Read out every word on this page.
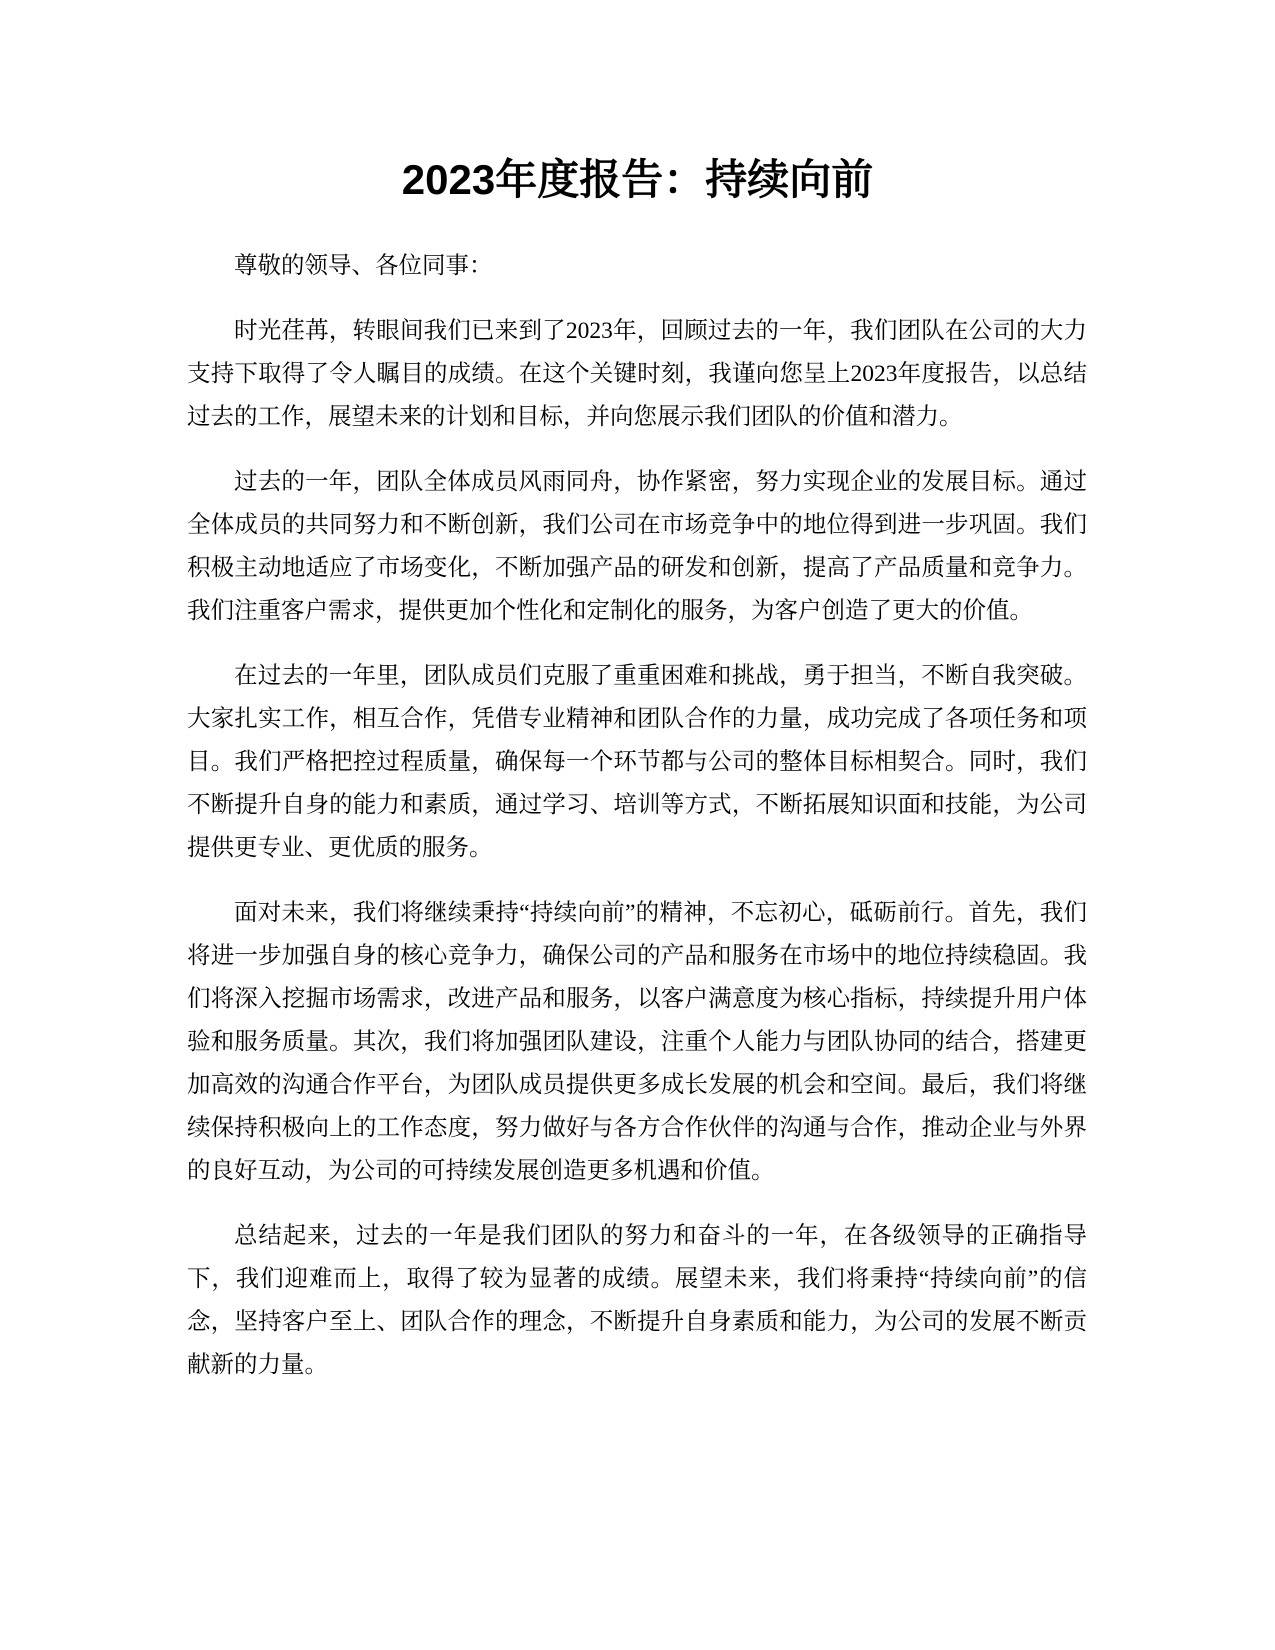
2023年度报告：持续向前

尊敬的领导、各位同事：

时光荏苒，转眼间我们已来到了2023年，回顾过去的一年，我们团队在公司的大力支持下取得了令人瞩目的成绩。在这个关键时刻，我谨向您呈上2023年度报告，以总结过去的工作，展望未来的计划和目标，并向您展示我们团队的价值和潜力。

过去的一年，团队全体成员风雨同舟，协作紧密，努力实现企业的发展目标。通过全体成员的共同努力和不断创新，我们公司在市场竞争中的地位得到进一步巩固。我们积极主动地适应了市场变化，不断加强产品的研发和创新，提高了产品质量和竞争力。我们注重客户需求，提供更加个性化和定制化的服务，为客户创造了更大的价值。

在过去的一年里，团队成员们克服了重重困难和挑战，勇于担当，不断自我突破。大家扎实工作，相互合作，凭借专业精神和团队合作的力量，成功完成了各项任务和项目。我们严格把控过程质量，确保每一个环节都与公司的整体目标相契合。同时，我们不断提升自身的能力和素质，通过学习、培训等方式，不断拓展知识面和技能，为公司提供更专业、更优质的服务。

面对未来，我们将继续秉持“持续向前”的精神，不忘初心，砥砺前行。首先，我们将进一步加强自身的核心竞争力，确保公司的产品和服务在市场中的地位持续稳固。我们将深入挖掘市场需求，改进产品和服务，以客户满意度为核心指标，持续提升用户体验和服务质量。其次，我们将加强团队建设，注重个人能力与团队协同的结合，搭建更加高效的沟通合作平台，为团队成员提供更多成长发展的机会和空间。最后，我们将继续保持积极向上的工作态度，努力做好与各方合作伙伴的沟通与合作，推动企业与外界的良好互动，为公司的可持续发展创造更多机遇和价值。

总结起来，过去的一年是我们团队的努力和奋斗的一年，在各级领导的正确指导下，我们迎难而上，取得了较为显著的成绩。展望未来，我们将秉持“持续向前”的信念，坚持客户至上、团队合作的理念，不断提升自身素质和能力，为公司的发展不断贡献新的力量。
